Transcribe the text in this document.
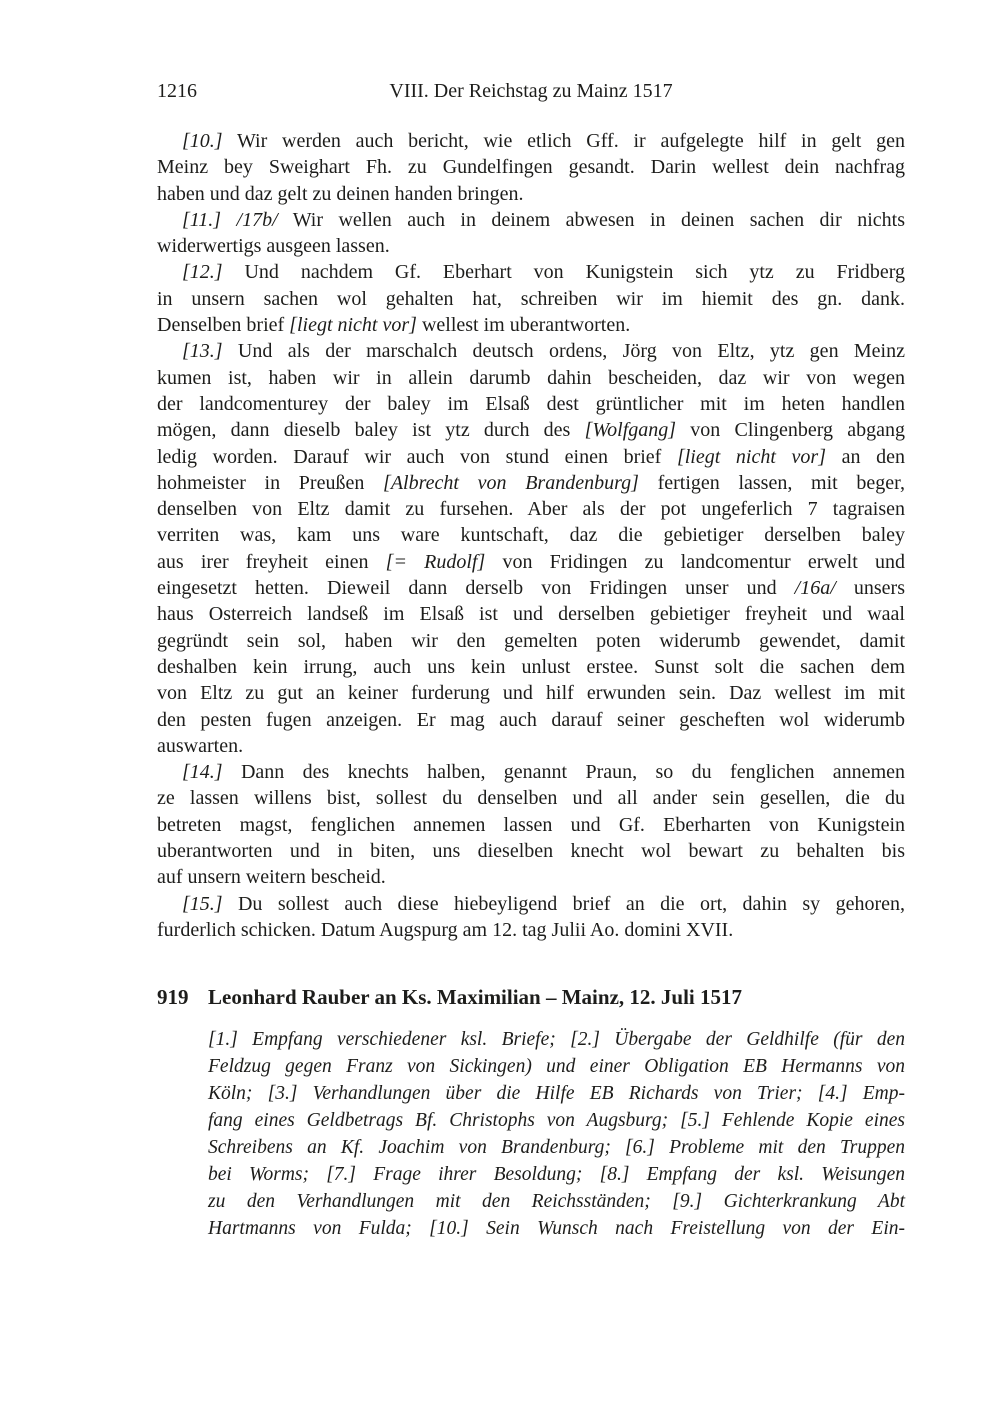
1216	VIII. Der Reichstag zu Mainz 1517
[10.] Wir werden auch bericht, wie etlich Gff. ir aufgelegte hilf in gelt gen
Meinz bey Sweighart Fh. zu Gundelfingen gesandt. Darin wellest dein nachfrag
haben und daz gelt zu deinen handen bringen.
[11.] /17b/ Wir wellen auch in deinem abwesen in deinen sachen dir nichts
widerwertigs ausgeen lassen.
[12.] Und nachdem Gf. Eberhart von Kunigstein sich ytz zu Fridberg
in unsern sachen wol gehalten hat, schreiben wir im hiemit des gn. dank.
Denselben brief [liegt nicht vor] wellest im uberantworten.
[13.] Und als der marschalch deutsch ordens, Jörg von Eltz, ytz gen Meinz
kumen ist, haben wir in allein darumb dahin bescheiden, daz wir von wegen
der landcomenturey der baley im Elsaß dest grüntlicher mit im heten handlen
mögen, dann dieselb baley ist ytz durch des [Wolfgang] von Clingenberg abgang
ledig worden. Darauf wir auch von stund einen brief [liegt nicht vor] an den
hohmeister in Preußen [Albrecht von Brandenburg] fertigen lassen, mit beger,
denselben von Eltz damit zu fursehen. Aber als der pot ungeferlich 7 tagraisen
verriten was, kam uns ware kuntschaft, daz die gebietiger derselben baley
aus irer freyheit einen [= Rudolf] von Fridingen zu landcomentur erwelt und
eingesetzt hetten. Dieweil dann derselb von Fridingen unser und /16a/ unsers
haus Osterreich landseß im Elsaß ist und derselben gebietiger freyheit und waal
gegründt sein sol, haben wir den gemelten poten widerumb gewendet, damit
deshalben kein irrung, auch uns kein unlust erstee. Sunst solt die sachen dem
von Eltz zu gut an keiner furderung und hilf erwunden sein. Daz wellest im mit
den pesten fugen anzeigen. Er mag auch darauf seiner gescheften wol widerumb
auswarten.
[14.] Dann des knechts halben, genannt Praun, so du fenglichen annemen
ze lassen willens bist, sollest du denselben und all ander sein gesellen, die du
betreten magst, fenglichen annemen lassen und Gf. Eberharten von Kunigstein
uberantworten und in biten, uns dieselben knecht wol bewart zu behalten bis
auf unsern weitern bescheid.
[15.] Du sollest auch diese hiebeyligend brief an die ort, dahin sy gehoren,
furderlich schicken. Datum Augspurg am 12. tag Julii Ao. domini XVII.
919 Leonhard Rauber an Ks. Maximilian – Mainz, 12. Juli 1517
[1.] Empfang verschiedener ksl. Briefe; [2.] Übergabe der Geldhilfe (für den
Feldzug gegen Franz von Sickingen) und einer Obligation EB Hermanns von
Köln; [3.] Verhandlungen über die Hilfe EB Richards von Trier; [4.] Emp-
fang eines Geldbetrags Bf. Christophs von Augsburg; [5.] Fehlende Kopie eines
Schreibens an Kf. Joachim von Brandenburg; [6.] Probleme mit den Truppen
bei Worms; [7.] Frage ihrer Besoldung; [8.] Empfang der ksl. Weisungen
zu den Verhandlungen mit den Reichsständen; [9.] Gichterkrankung Abt
Hartmanns von Fulda; [10.] Sein Wunsch nach Freistellung von der Ein-
